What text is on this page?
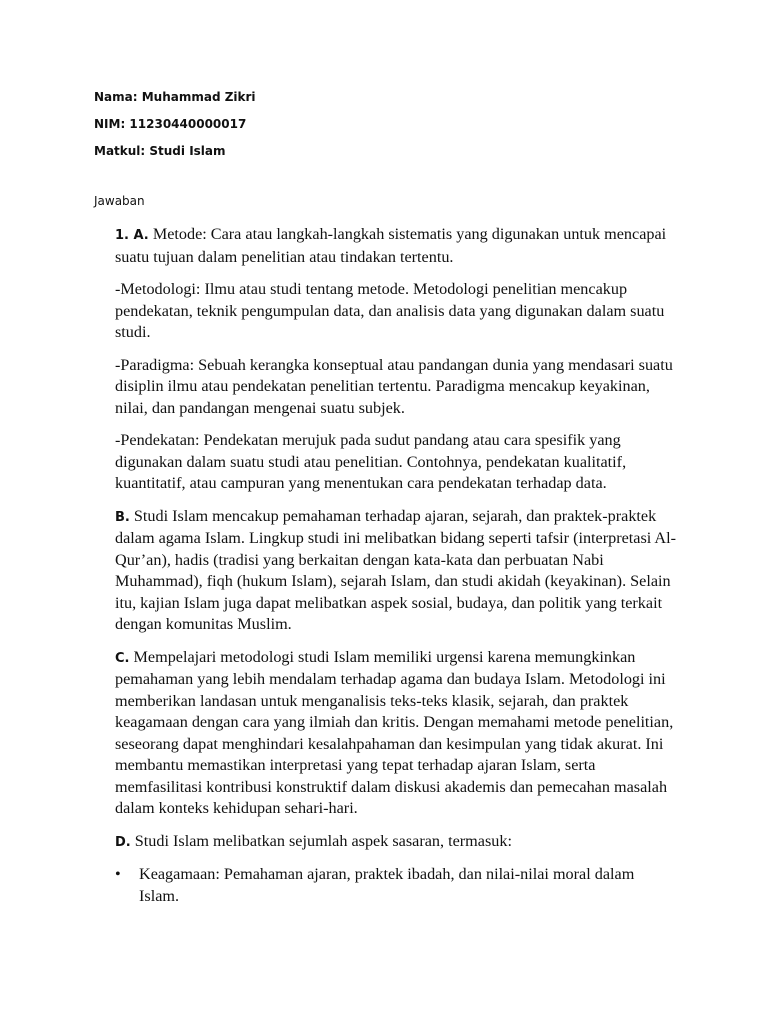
Nama: Muhammad Zikri
NIM: 11230440000017
Matkul: Studi Islam
Jawaban

1. A. Metode: Cara atau langkah-langkah sistematis yang digunakan untuk mencapai suatu tujuan dalam penelitian atau tindakan tertentu.

-Metodologi: Ilmu atau studi tentang metode. Metodologi penelitian mencakup pendekatan, teknik pengumpulan data, dan analisis data yang digunakan dalam suatu studi.

-Paradigma: Sebuah kerangka konseptual atau pandangan dunia yang mendasari suatu disiplin ilmu atau pendekatan penelitian tertentu. Paradigma mencakup keyakinan, nilai, dan pandangan mengenai suatu subjek.

-Pendekatan: Pendekatan merujuk pada sudut pandang atau cara spesifik yang digunakan dalam suatu studi atau penelitian. Contohnya, pendekatan kualitatif, kuantitatif, atau campuran yang menentukan cara pendekatan terhadap data.

B. Studi Islam mencakup pemahaman terhadap ajaran, sejarah, dan praktek-praktek dalam agama Islam. Lingkup studi ini melibatkan bidang seperti tafsir (interpretasi Al-Qur’an), hadis (tradisi yang berkaitan dengan kata-kata dan perbuatan Nabi Muhammad), fiqh (hukum Islam), sejarah Islam, dan studi akidah (keyakinan). Selain itu, kajian Islam juga dapat melibatkan aspek sosial, budaya, dan politik yang terkait dengan komunitas Muslim.

C. Mempelajari metodologi studi Islam memiliki urgensi karena memungkinkan pemahaman yang lebih mendalam terhadap agama dan budaya Islam. Metodologi ini memberikan landasan untuk menganalisis teks-teks klasik, sejarah, dan praktek keagamaan dengan cara yang ilmiah dan kritis. Dengan memahami metode penelitian, seseorang dapat menghindari kesalahpahaman dan kesimpulan yang tidak akurat. Ini membantu memastikan interpretasi yang tepat terhadap ajaran Islam, serta memfasilitasi kontribusi konstruktif dalam diskusi akademis dan pemecahan masalah dalam konteks kehidupan sehari-hari.

D. Studi Islam melibatkan sejumlah aspek sasaran, termasuk:

• Keagamaan: Pemahaman ajaran, praktek ibadah, dan nilai-nilai moral dalam Islam.
